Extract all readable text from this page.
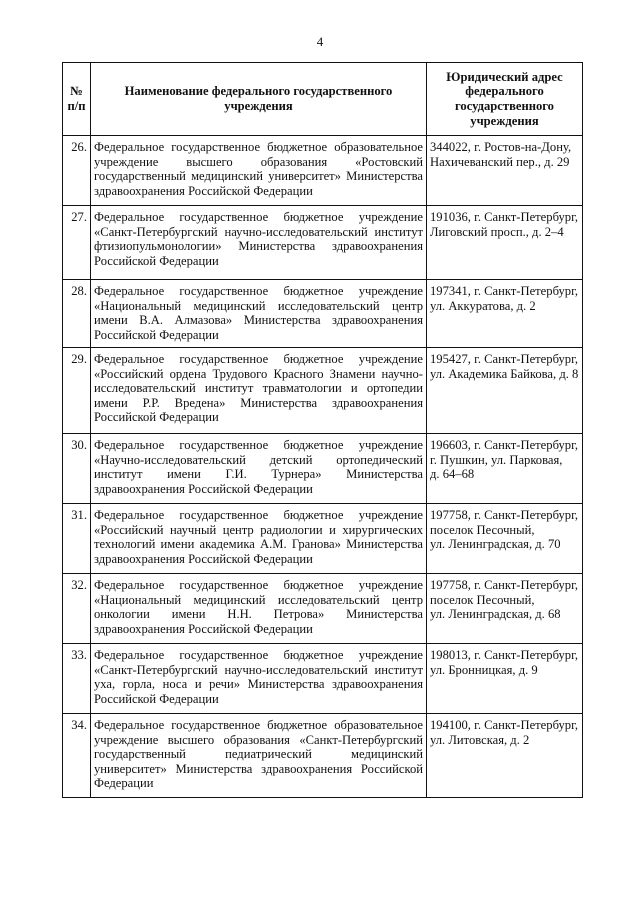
4
№ п/п	Наименование федерального государственного учреждения	Юридический адрес федерального государственного учреждения
26.	Федеральное государственное бюджетное образовательное учреждение высшего образования «Ростовский государственный медицинский университет» Министерства здравоохранения Российской Федерации	344022, г. Ростов-на-Дону,
Нахичеванский пер., д. 29

27.	Федеральное государственное бюджетное учреждение «Санкт-Петербургский научно-исследовательский институт фтизиопульмонологии» Министерства здравоохранения Российской Федерации	191036, г. Санкт-Петербург,
Лиговский просп., д. 2–4

28.	Федеральное государственное бюджетное учреждение «Национальный медицинский исследовательский центр имени В.А. Алмазова» Министерства здравоохранения Российской Федерации	197341, г. Санкт-Петербург,
ул. Аккуратова, д. 2

29.	Федеральное государственное бюджетное учреждение «Российский ордена Трудового Красного Знамени научно-исследовательский институт травматологии и ортопедии имени Р.Р. Вредена» Министерства здравоохранения Российской Федерации	195427, г. Санкт-Петербург,
ул. Академика Байкова, д. 8

30.	Федеральное государственное бюджетное учреждение «Научно-исследовательский детский ортопедический институт имени Г.И. Турнера» Министерства здравоохранения Российской Федерации	196603, г. Санкт-Петербург,
г. Пушкин, ул. Парковая,
д. 64–68

31.	Федеральное государственное бюджетное учреждение «Российский научный центр радиологии и хирургических технологий имени академика А.М. Гранова» Министерства здравоохранения Российской Федерации	197758, г. Санкт-Петербург,
поселок Песочный,
ул. Ленинградская, д. 70

32.	Федеральное государственное бюджетное учреждение «Национальный медицинский исследовательский центр онкологии имени Н.Н. Петрова» Министерства здравоохранения Российской Федерации	197758, г. Санкт-Петербург,
поселок Песочный,
ул. Ленинградская, д. 68

33.	Федеральное государственное бюджетное учреждение «Санкт-Петербургский научно-исследовательский институт уха, горла, носа и речи» Министерства здравоохранения Российской Федерации	198013, г. Санкт-Петербург,
ул. Бронницкая, д. 9

34.	Федеральное государственное бюджетное образовательное учреждение высшего образования «Санкт-Петербургский государственный педиатрический медицинский университет» Министерства здравоохранения Российской Федерации	194100, г. Санкт-Петербург,
ул. Литовская, д. 2
